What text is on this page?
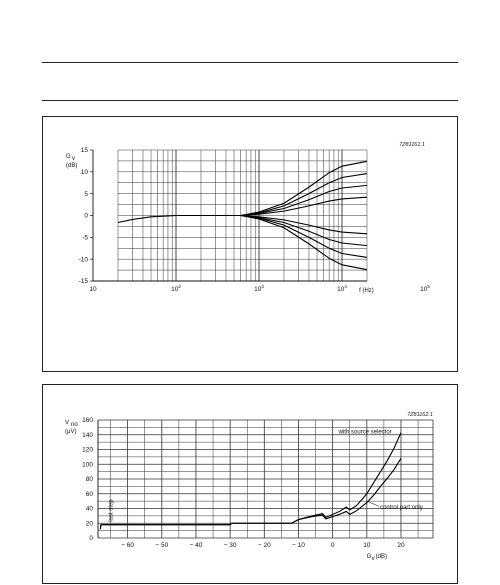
-15
-10
-5
0
5
10
15
10	$10^2$	$10^3$	$10^4$	$10^5$
G v
(dB)
f (Hz)
7Z81161.1
0
20
40
60
80
100
120
140
160
− 60	− 50	− 40	− 30	− 20	− 10	0	10	20
V no
(μV)
7Z81162.1
G v (dB)
with source selector
control part only
last step
